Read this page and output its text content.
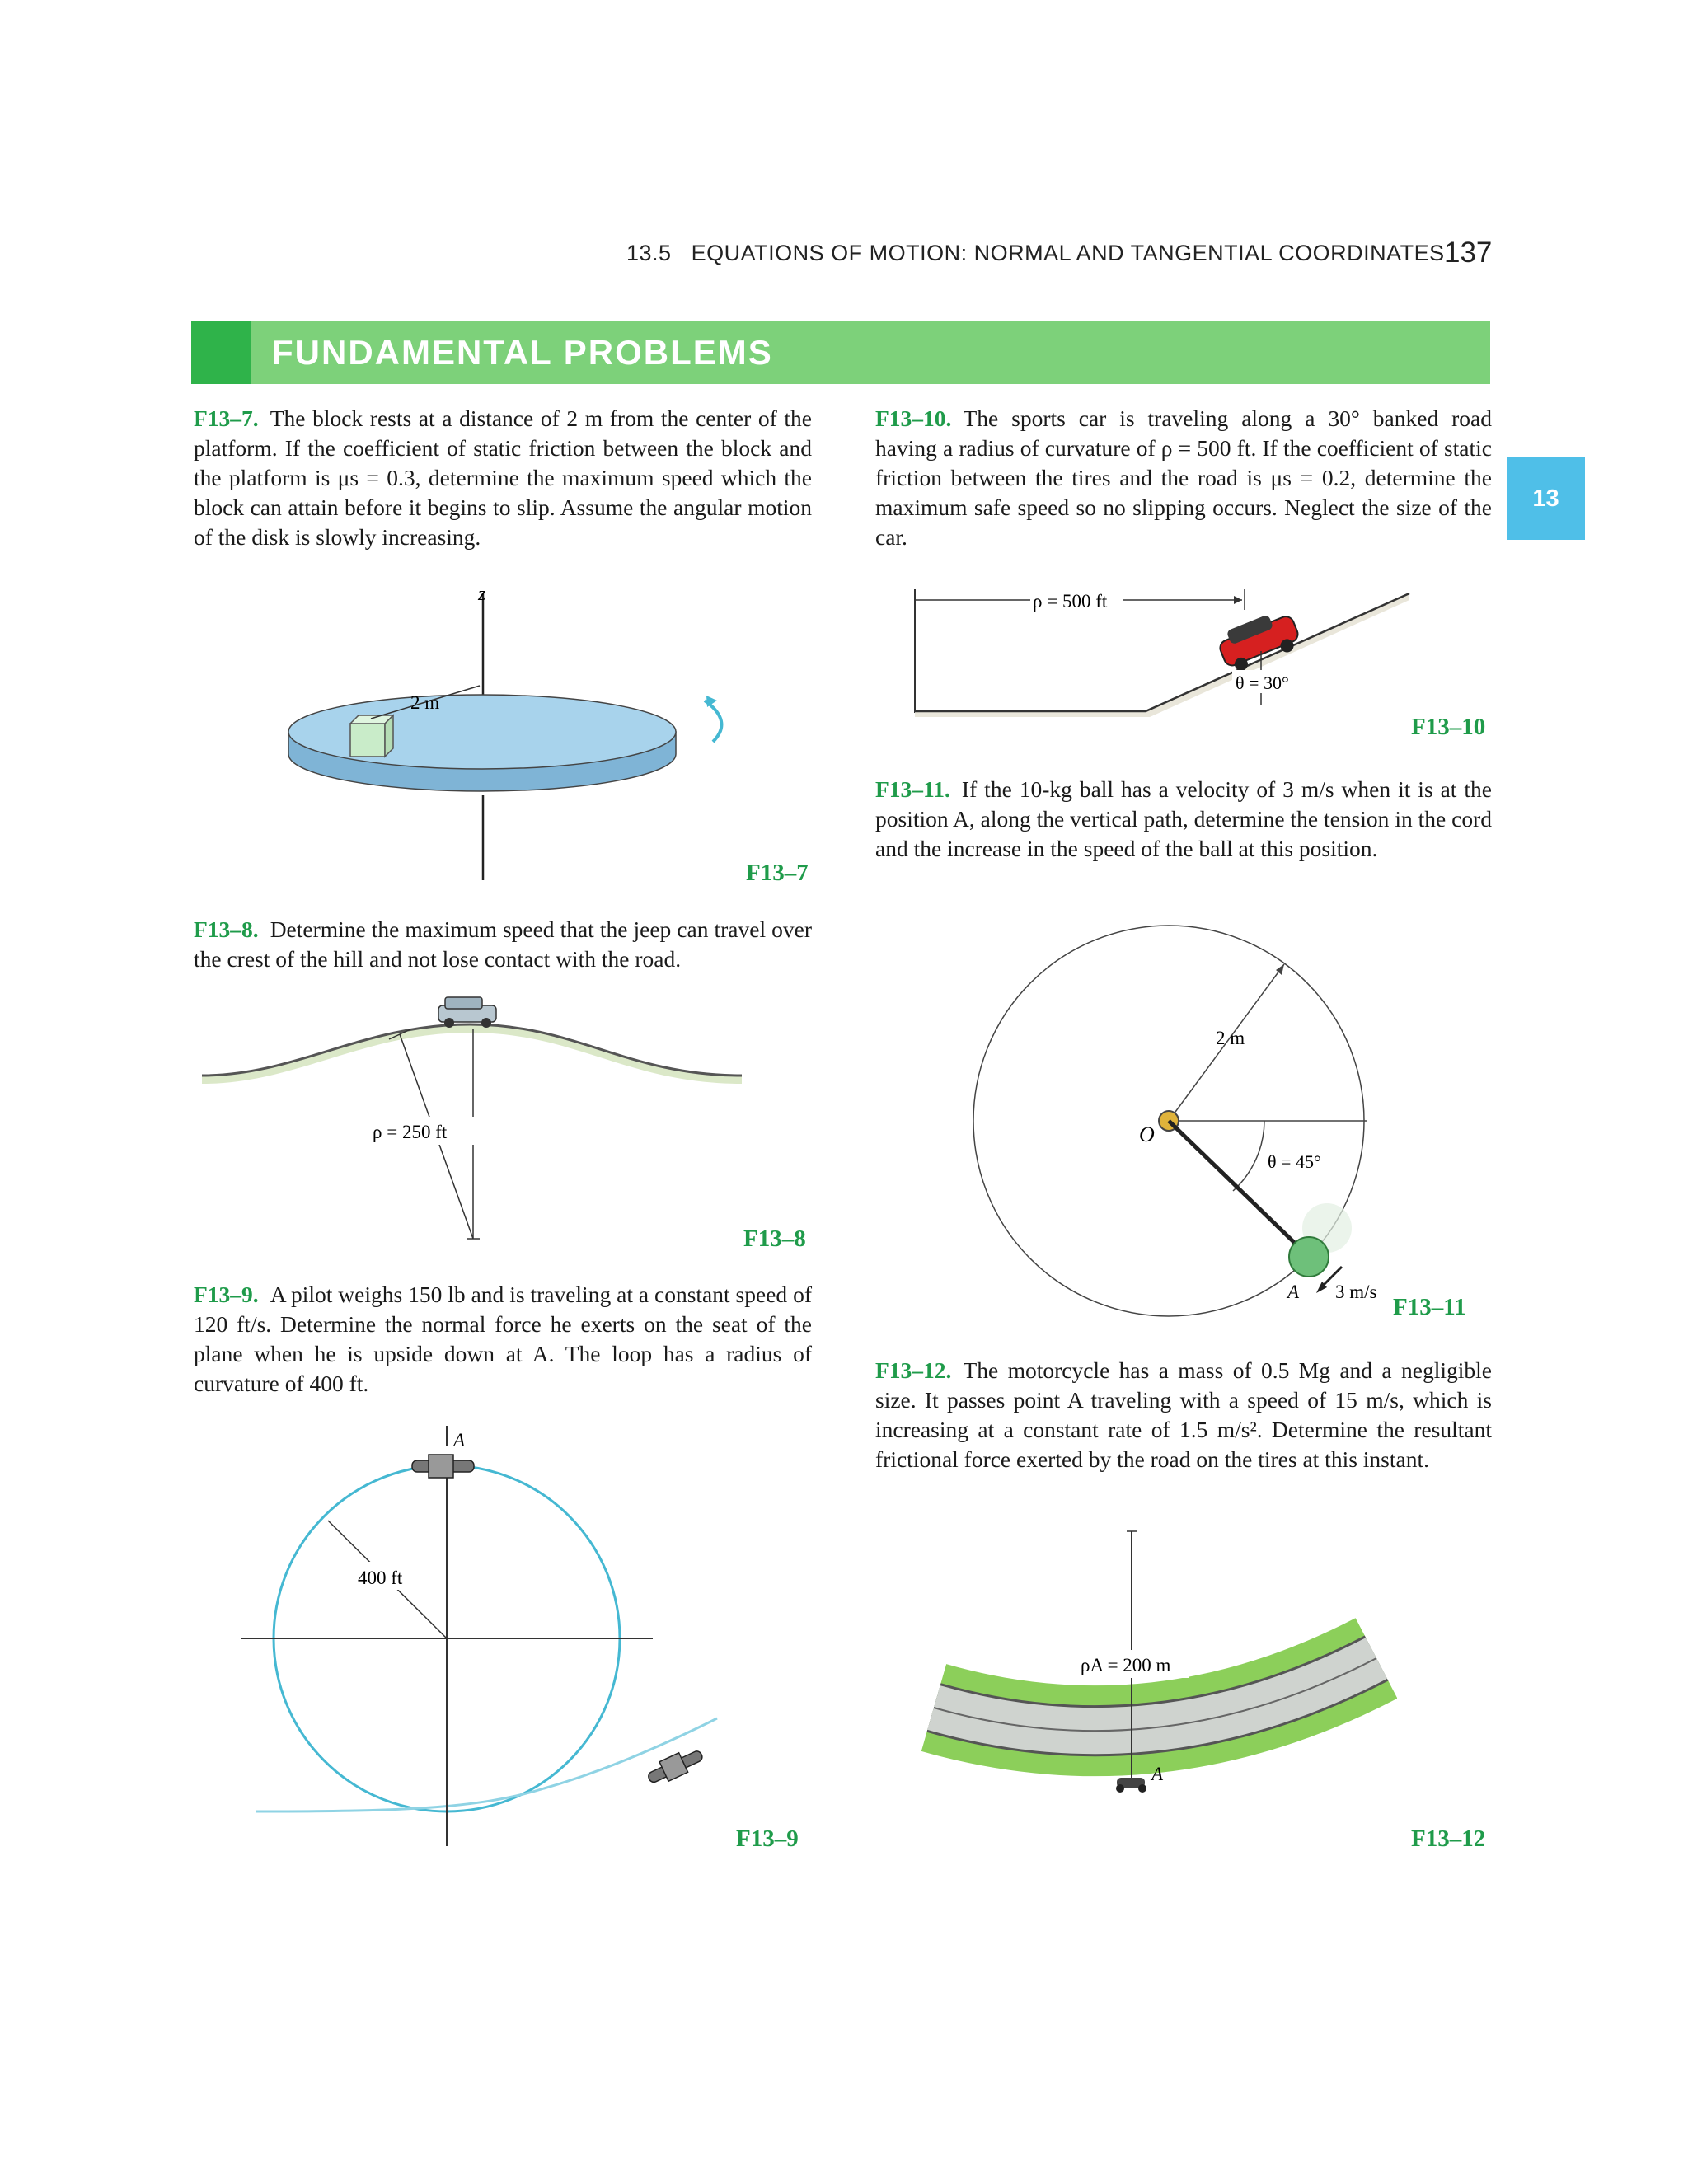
13.5 EQUATIONS OF MOTION: NORMAL AND TANGENTIAL COORDINATES 137
FUNDAMENTAL PROBLEMS
13
F13–7. The block rests at a distance of 2 m from the center of the platform. If the coefficient of static friction between the block and the platform is μs = 0.3, determine the maximum speed which the block can attain before it begins to slip. Assume the angular motion of the disk is slowly increasing.
z
2 m
F13–7
F13–8. Determine the maximum speed that the jeep can travel over the crest of the hill and not lose contact with the road.
ρ = 250 ft
F13–8
F13–9. A pilot weighs 150 lb and is traveling at a constant speed of 120 ft/s. Determine the normal force he exerts on the seat of the plane when he is upside down at A. The loop has a radius of curvature of 400 ft.
400 ft
A
F13–9
F13–10. The sports car is traveling along a 30° banked road having a radius of curvature of ρ = 500 ft. If the coefficient of static friction between the tires and the road is μs = 0.2, determine the maximum safe speed so no slipping occurs. Neglect the size of the car.
ρ = 500 ft
θ = 30°
F13–10
F13–11. If the 10-kg ball has a velocity of 3 m/s when it is at the position A, along the vertical path, determine the tension in the cord and the increase in the speed of the ball at this position.
2 m
θ = 45°
O
A 3 m/s
F13–11
F13–12. The motorcycle has a mass of 0.5 Mg and a negligible size. It passes point A traveling with a speed of 15 m/s, which is increasing at a constant rate of 1.5 m/s². Determine the resultant frictional force exerted by the road on the tires at this instant.
ρA = 200 m
A
F13–12
